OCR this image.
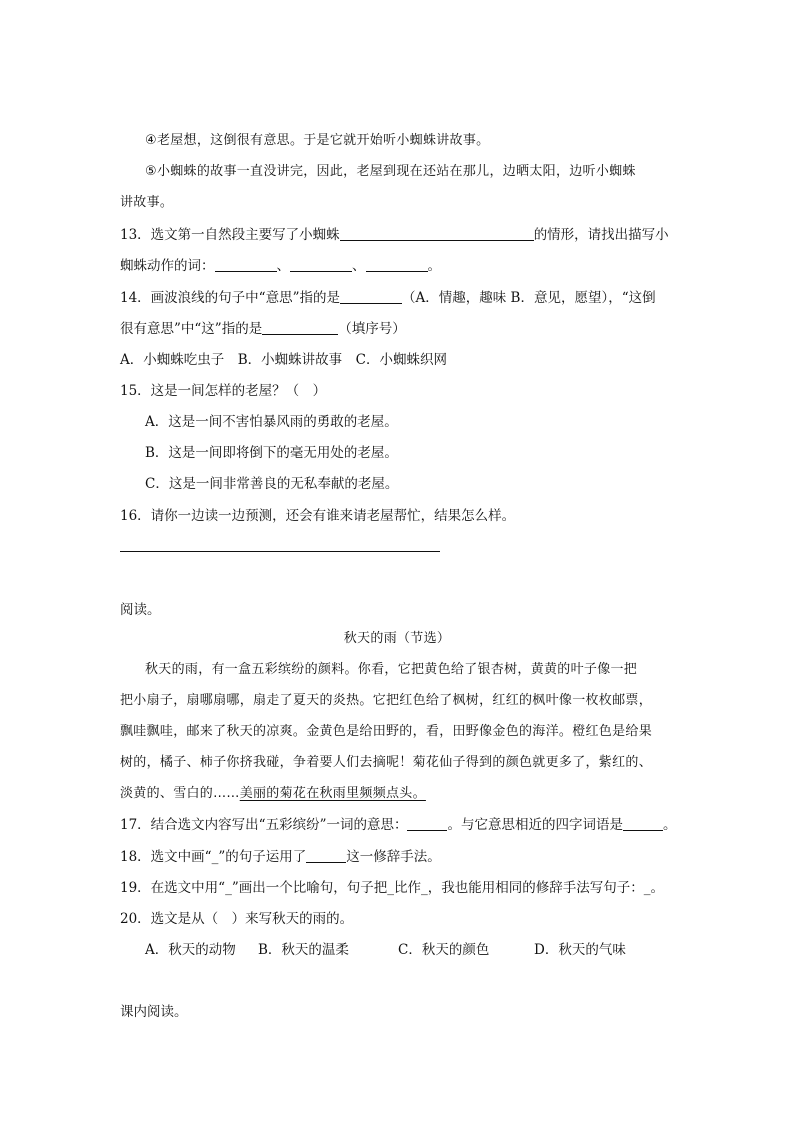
④老屋想，这倒很有意思。于是它就开始听小蜘蛛讲故事。
⑤小蜘蛛的故事一直没讲完，因此，老屋到现在还站在那儿，边晒太阳，边听小蜘蛛
讲故事。
13．选文第一自然段主要写了小蜘蛛	的情形，请找出描写小
蜘蛛动作的词：	、	、	。
14．画波浪线的句子中“意思”指的是	（A．情趣，趣味 B．意见，愿望），“这倒
很有意思”中“这”指的是	（填序号）
A．小蜘蛛吃虫子　B．小蜘蛛讲故事　C．小蜘蛛织网
15．这是一间怎样的老屋？（　）
A．这是一间不害怕暴风雨的勇敢的老屋。
B．这是一间即将倒下的毫无用处的老屋。
C．这是一间非常善良的无私奉献的老屋。
16．请你一边读一边预测，还会有谁来请老屋帮忙，结果怎么样。
阅读。
秋天的雨（节选）
秋天的雨，有一盒五彩缤纷的颜料。你看，它把黄色给了银杏树，黄黄的叶子像一把
把小扇子，扇哪扇哪，扇走了夏天的炎热。它把红色给了枫树，红红的枫叶像一枚枚邮票，
飘哇飘哇，邮来了秋天的凉爽。金黄色是给田野的，看，田野像金色的海洋。橙红色是给果
树的，橘子、柿子你挤我碰，争着要人们去摘呢！菊花仙子得到的颜色就更多了，紫红的、
淡黄的、雪白的……美丽的菊花在秋雨里频频点头。
17．结合选文内容写出“五彩缤纷”一词的意思：	。与它意思相近的四字词语是	。
18．选文中画“_”的句子运用了	这一修辞手法。
19．在选文中用“_”画出一个比喻句，句子把_比作_，我也能用相同的修辞手法写句子：_。
20．选文是从（　）来写秋天的雨的。
A．秋天的动物 B．秋天的温柔	C．秋天的颜色	D．秋天的气味
课内阅读。
